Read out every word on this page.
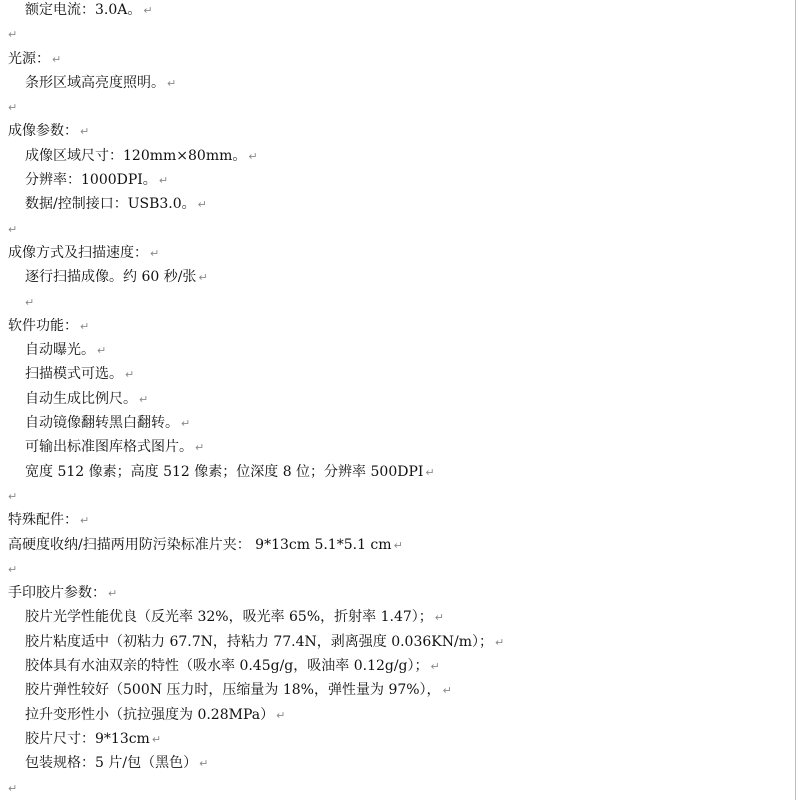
额定电流：3.0A。 ↵
↵
光源： ↵
条形区域高亮度照明。 ↵
↵
成像参数： ↵
成像区域尺寸：120mm×80mm。 ↵
分辨率：1000DPI。 ↵
数据/控制接口：USB3.0。 ↵
↵
成像方式及扫描速度： ↵
逐行扫描成像。约 60 秒/张 ↵
↵
软件功能： ↵
自动曝光。 ↵
扫描模式可选。 ↵
自动生成比例尺。 ↵
自动镜像翻转黑白翻转。 ↵
可输出标准图库格式图片。 ↵
宽度 512 像素；高度 512 像素；位深度 8 位；分辨率 500DPI ↵
↵
特殊配件： ↵
高硬度收纳/扫描两用防污染标准片夹： 9*13cm 5.1*5.1 cm ↵
↵
手印胶片参数： ↵
胶片光学性能优良（反光率 32%，吸光率 65%，折射率 1.47）； ↵
胶片粘度适中（初粘力 67.7N，持粘力 77.4N，剥离强度 0.036KN/m）； ↵
胶体具有水油双亲的特性（吸水率 0.45g/g，吸油率 0.12g/g）； ↵
胶片弹性较好（500N 压力时，压缩量为 18%，弹性量为 97%）， ↵
拉升变形性小（抗拉强度为 0.28MPa） ↵
胶片尺寸：9*13cm ↵
包装规格：5 片/包（黑色） ↵
↵
